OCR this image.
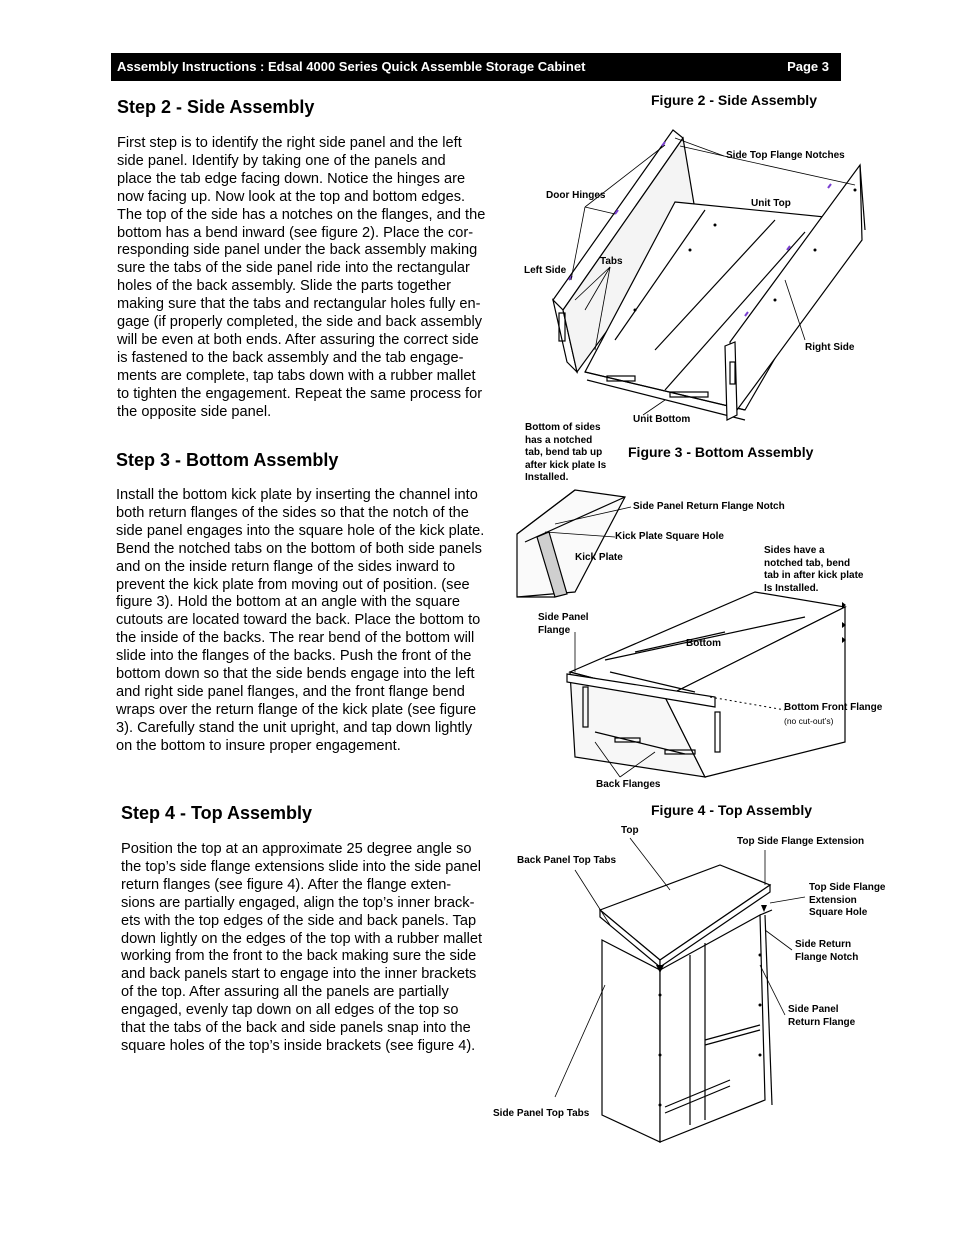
Assembly Instructions : Edsal 4000 Series Quick Assemble Storage Cabinet	Page 3
Step 2 - Side Assembly
First step is to identify the right side panel and the left
side panel. Identify by taking one of the panels and
place the tab edge facing down. Notice the hinges are
now facing up. Now look at the top and bottom edges.
The top of the side has a notches on the flanges, and the
bottom has a bend inward (see figure 2). Place the cor-
responding side panel under the back assembly making
sure the tabs of the side panel ride into the rectangular
holes of the back assembly. Slide the parts together
making sure that the tabs and rectangular holes fully en-
gage (if properly completed, the side and back assembly
will be even at both ends. After assuring the correct side
is fastened to the back assembly and the tab engage-
ments are complete, tap tabs down with a rubber mallet
to tighten the engagement. Repeat the same process for
the opposite side panel.
Step 3 - Bottom Assembly
Install the bottom kick plate by inserting the channel into
both return flanges of the sides so that the notch of the
side panel engages into the square hole of the kick plate.
Bend the notched tabs on the bottom of both side panels
and on the inside return flange of the sides inward to
prevent the kick plate from moving out of position. (see
figure 3). Hold the bottom at an angle with the square
cutouts are located toward the back. Place the bottom to
the inside of the backs. The rear bend of the bottom will
slide into the flanges of the backs. Push the front of the
bottom down so that the side bends engage into the left
and right side panel flanges, and the front flange bend
wraps over the return flange of the kick plate (see figure
3). Carefully stand the unit upright, and tap down lightly
on the bottom to insure proper engagement.
Step 4 - Top Assembly
Position the top at an approximate 25 degree angle so
the top’s side flange extensions slide into the side panel
return flanges (see figure 4). After the flange exten-
sions are partially engaged, align the top’s inner brack-
ets with the top edges of the side and back panels. Tap
down lightly on the edges of the top with a rubber mallet
working from the front to the back making sure the side
and back panels start to engage into the inner brackets
of the top. After assuring all the panels are partially
engaged, evenly tap down on all edges of the top so
that the tabs of the back and side panels snap into the
square holes of the top’s inside brackets (see figure 4).
Figure 2 - Side Assembly
Side Top Flange Notches
Door Hinges
Unit Top
Left Side
Tabs
Right Side
Unit Bottom
Bottom of sides
has a notched
tab, bend tab up
after kick plate Is
Installed.
Figure 3 - Bottom Assembly
Side Panel Return Flange Notch
Kick Plate Square Hole
Kick Plate
Sides have a
notched tab, bend
tab in after kick plate
Is Installed.
Side Panel
Flange
Bottom
Bottom Front Flange
(no cut-out’s)
Back Flanges
Figure 4 - Top Assembly
Top
Top Side Flange Extension
Back Panel Top Tabs
Top Side Flange
Extension
Square Hole
Side Return
Flange Notch
Side Panel
Return Flange
Side Panel Top Tabs
